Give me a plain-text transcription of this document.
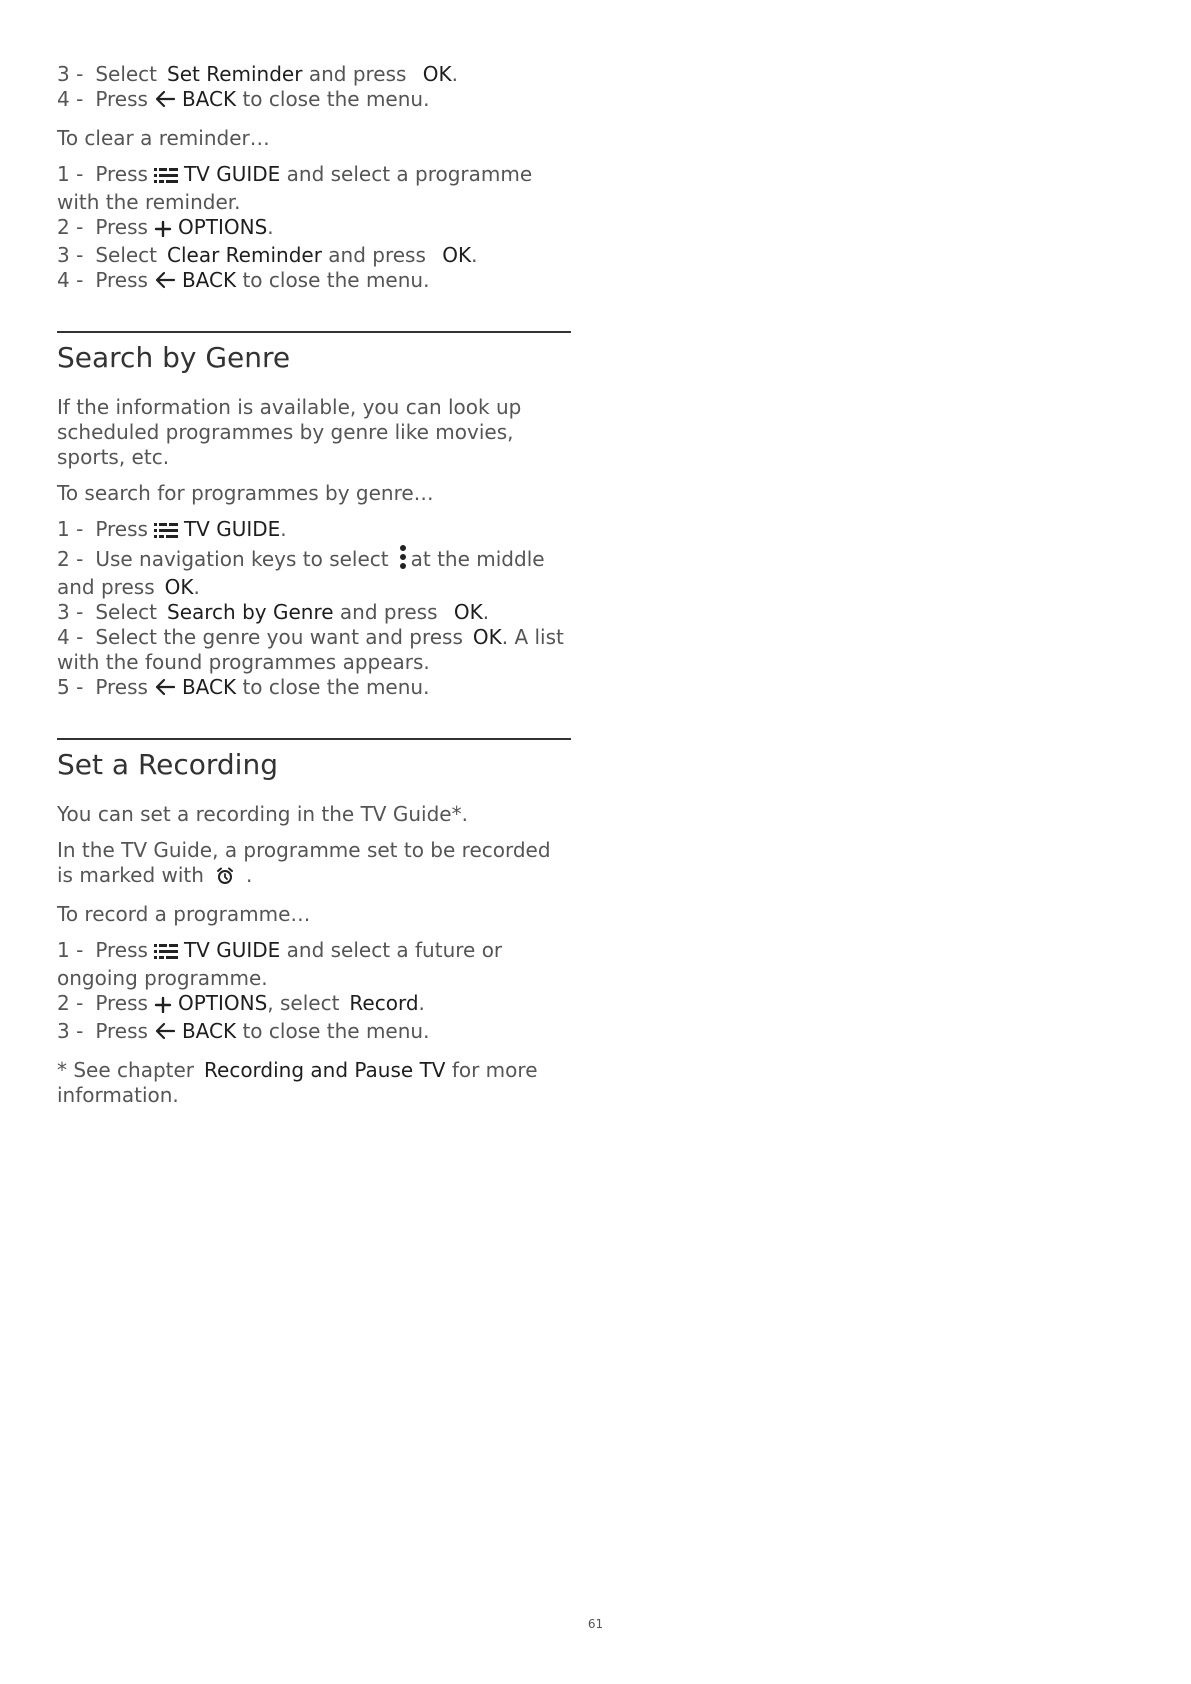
3 - Select Set Reminder and press OK.
4 - Press BACK to close the menu.

To clear a reminder…

1 - Press TV GUIDE and select a programme with the reminder.
2 - Press OPTIONS.
3 - Select Clear Reminder and press OK.
4 - Press BACK to close the menu.
Search by Genre

If the information is available, you can look up scheduled programmes by genre like movies, sports, etc.

To search for programmes by genre…

1 - Press TV GUIDE.
2 - Use navigation keys to select at the middle and press OK.
3 - Select Search by Genre and press OK.
4 - Select the genre you want and press OK. A list with the found programmes appears.
5 - Press BACK to close the menu.
Set a Recording

You can set a recording in the TV Guide*.

In the TV Guide, a programme set to be recorded is marked with .

To record a programme…

1 - Press TV GUIDE and select a future or ongoing programme.
2 - Press OPTIONS, select Record.
3 - Press BACK to close the menu.

* See chapter Recording and Pause TV for more information.

61
